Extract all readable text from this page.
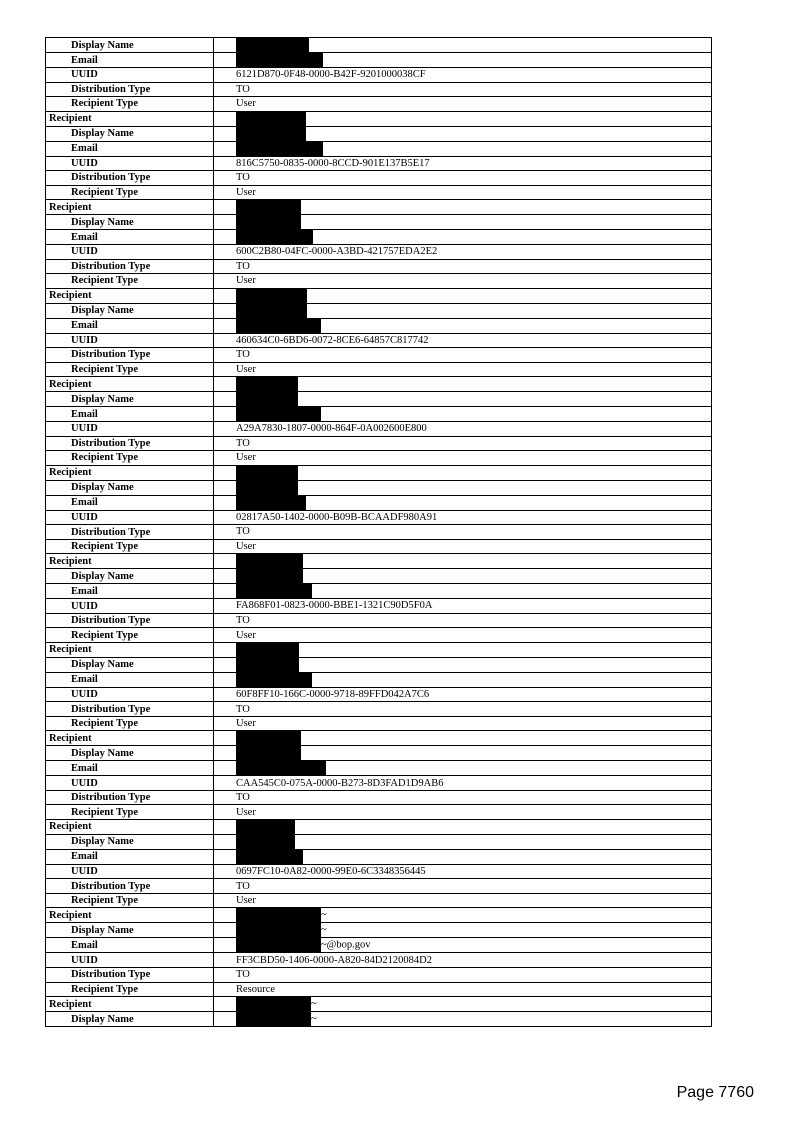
Display Name	
Email	
UUID	6121D870-0F48-0000-B42F-9201000038CF
Distribution Type	TO
Recipient Type	User
Recipient	
Display Name	
Email	
UUID	816C5750-0835-0000-8CCD-901E137B5E17
Distribution Type	TO
Recipient Type	User
Recipient	
Display Name	
Email	
UUID	600C2B80-04FC-0000-A3BD-421757EDA2E2
Distribution Type	TO
Recipient Type	User
Recipient	
Display Name	
Email	
UUID	460634C0-6BD6-0072-8CE6-64857C817742
Distribution Type	TO
Recipient Type	User
Recipient	
Display Name	
Email	
UUID	A29A7830-1807-0000-864F-0A002600E800
Distribution Type	TO
Recipient Type	User
Recipient	
Display Name	
Email	
UUID	02817A50-1402-0000-B09B-BCAADF980A91
Distribution Type	TO
Recipient Type	User
Recipient	
Display Name	
Email	
UUID	FA868F01-0823-0000-BBE1-1321C90D5F0A
Distribution Type	TO
Recipient Type	User
Recipient	
Display Name	
Email	
UUID	60F8FF10-166C-0000-9718-89FFD042A7C6
Distribution Type	TO
Recipient Type	User
Recipient	
Display Name	
Email	
UUID	CAA545C0-075A-0000-B273-8D3FAD1D9AB6
Distribution Type	TO
Recipient Type	User
Recipient	
Display Name	
Email	
UUID	0697FC10-0A82-0000-99E0-6C3348356445
Distribution Type	TO
Recipient Type	User
Recipient	~
Display Name	~
Email	~@bop.gov
UUID	FF3CBD50-1406-0000-A820-84D2120084D2
Distribution Type	TO
Recipient Type	Resource
Recipient	~
Display Name	~
Page 7760
